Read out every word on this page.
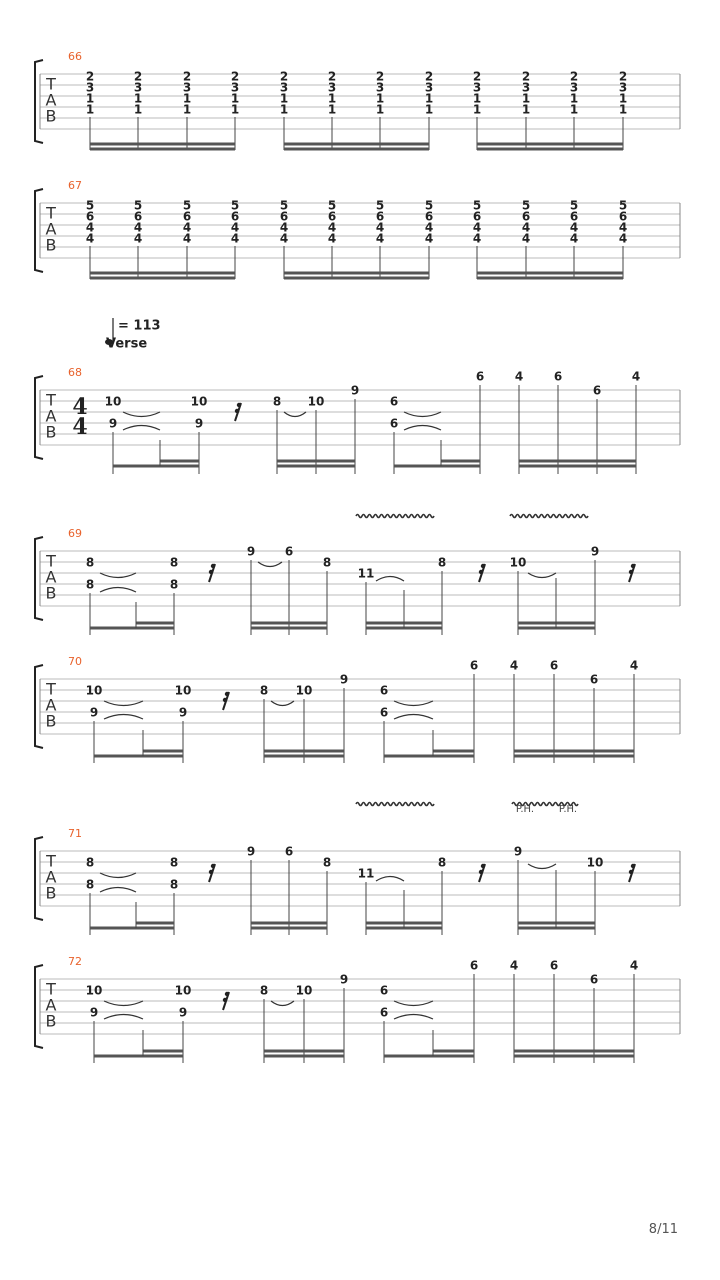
T
A
B
66
2
3
1
1
2
3
1
1
2
3
1
1
2
3
1
1
2
3
1
1
2
3
1
1
2
3
1
1
2
3
1
1
2
3
1
1
2
3
1
1
2
3
1
1
2
3
1
1
T
A
B
67
5
6
4
4
5
6
4
4
5
6
4
4
5
6
4
4
5
6
4
4
5
6
4
4
5
6
4
4
5
6
4
4
5
6
4
4
5
6
4
4
5
6
4
4
5
6
4
4
= 113
Verse
T
A
B
68
10
9
10
9
8 10
9
6
6
6	4	6
6
4
4
4
T
A
B
69
8
8
8
8
9 6
8
11
8	10
9
T
A
B
70
10
9
10
9
8 10
9
6
6
6	4	6
6
4
P.H. P.H.
T
A
B
71
8
8
8
8
9 6
8
11
8
9
10
T
A
B
72
10
9
10
9
8 10
9
6
6
6	4	6
6
4
8/11
